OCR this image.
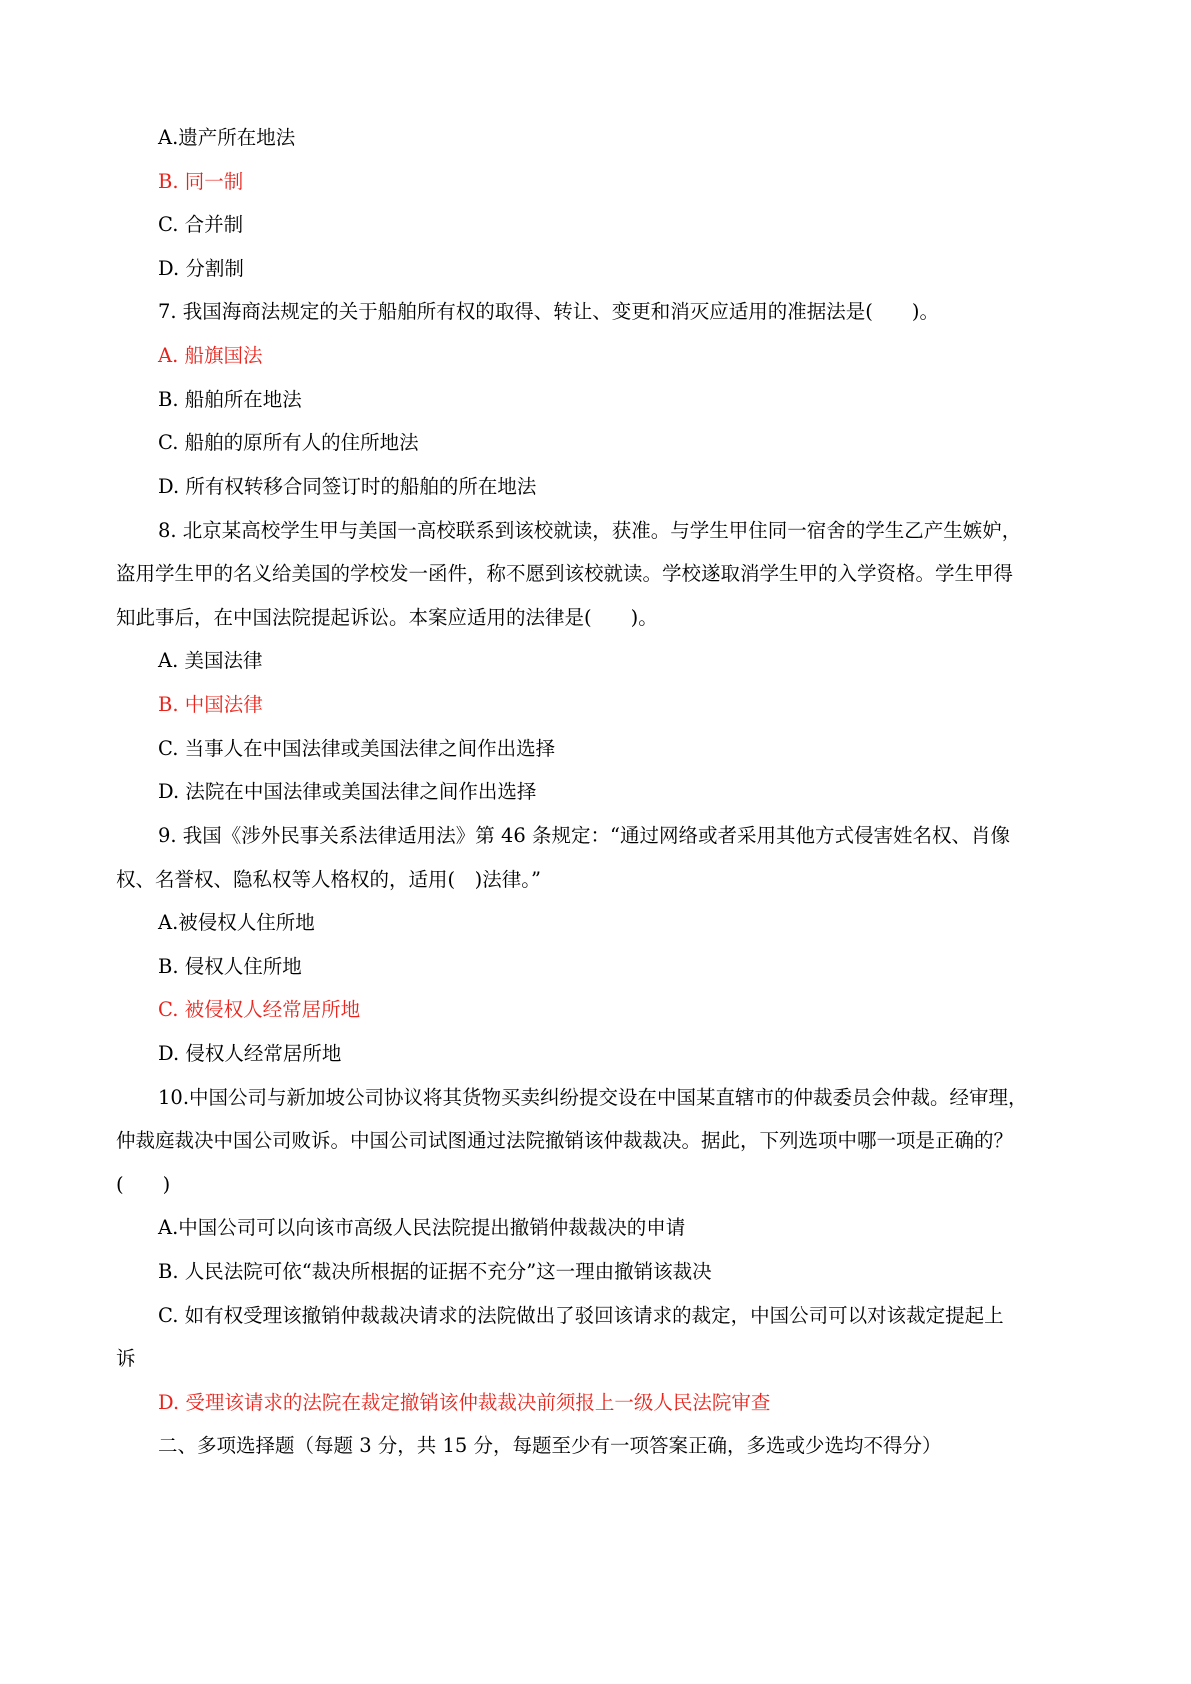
A.遗产所在地法
B. 同一制
C. 合并制
D. 分割制
7. 我国海商法规定的关于船舶所有权的取得、转让、变更和消灭应适用的准据法是(　　)。
A. 船旗国法
B. 船舶所在地法
C. 船舶的原所有人的住所地法
D. 所有权转移合同签订时的船舶的所在地法
8. 北京某高校学生甲与美国一高校联系到该校就读，获准。与学生甲住同一宿舍的学生乙产生嫉妒，
盗用学生甲的名义给美国的学校发一函件，称不愿到该校就读。学校遂取消学生甲的入学资格。学生甲得
知此事后，在中国法院提起诉讼。本案应适用的法律是(　　)。
A. 美国法律
B. 中国法律
C. 当事人在中国法律或美国法律之间作出选择
D. 法院在中国法律或美国法律之间作出选择
9. 我国《涉外民事关系法律适用法》第 46 条规定：“通过网络或者采用其他方式侵害姓名权、肖像
权、名誉权、隐私权等人格权的，适用(　)法律。”
A.被侵权人住所地
B. 侵权人住所地
C. 被侵权人经常居所地
D. 侵权人经常居所地
10.中国公司与新加坡公司协议将其货物买卖纠纷提交设在中国某直辖市的仲裁委员会仲裁。经审理，
仲裁庭裁决中国公司败诉。中国公司试图通过法院撤销该仲裁裁决。据此，下列选项中哪一项是正确的？
(　　)
A.中国公司可以向该市高级人民法院提出撤销仲裁裁决的申请
B. 人民法院可依“裁决所根据的证据不充分”这一理由撤销该裁决
C. 如有权受理该撤销仲裁裁决请求的法院做出了驳回该请求的裁定，中国公司可以对该裁定提起上
诉
D. 受理该请求的法院在裁定撤销该仲裁裁决前须报上一级人民法院审查
二、多项选择题（每题 3 分，共 15 分，每题至少有一项答案正确，多选或少选均不得分）
